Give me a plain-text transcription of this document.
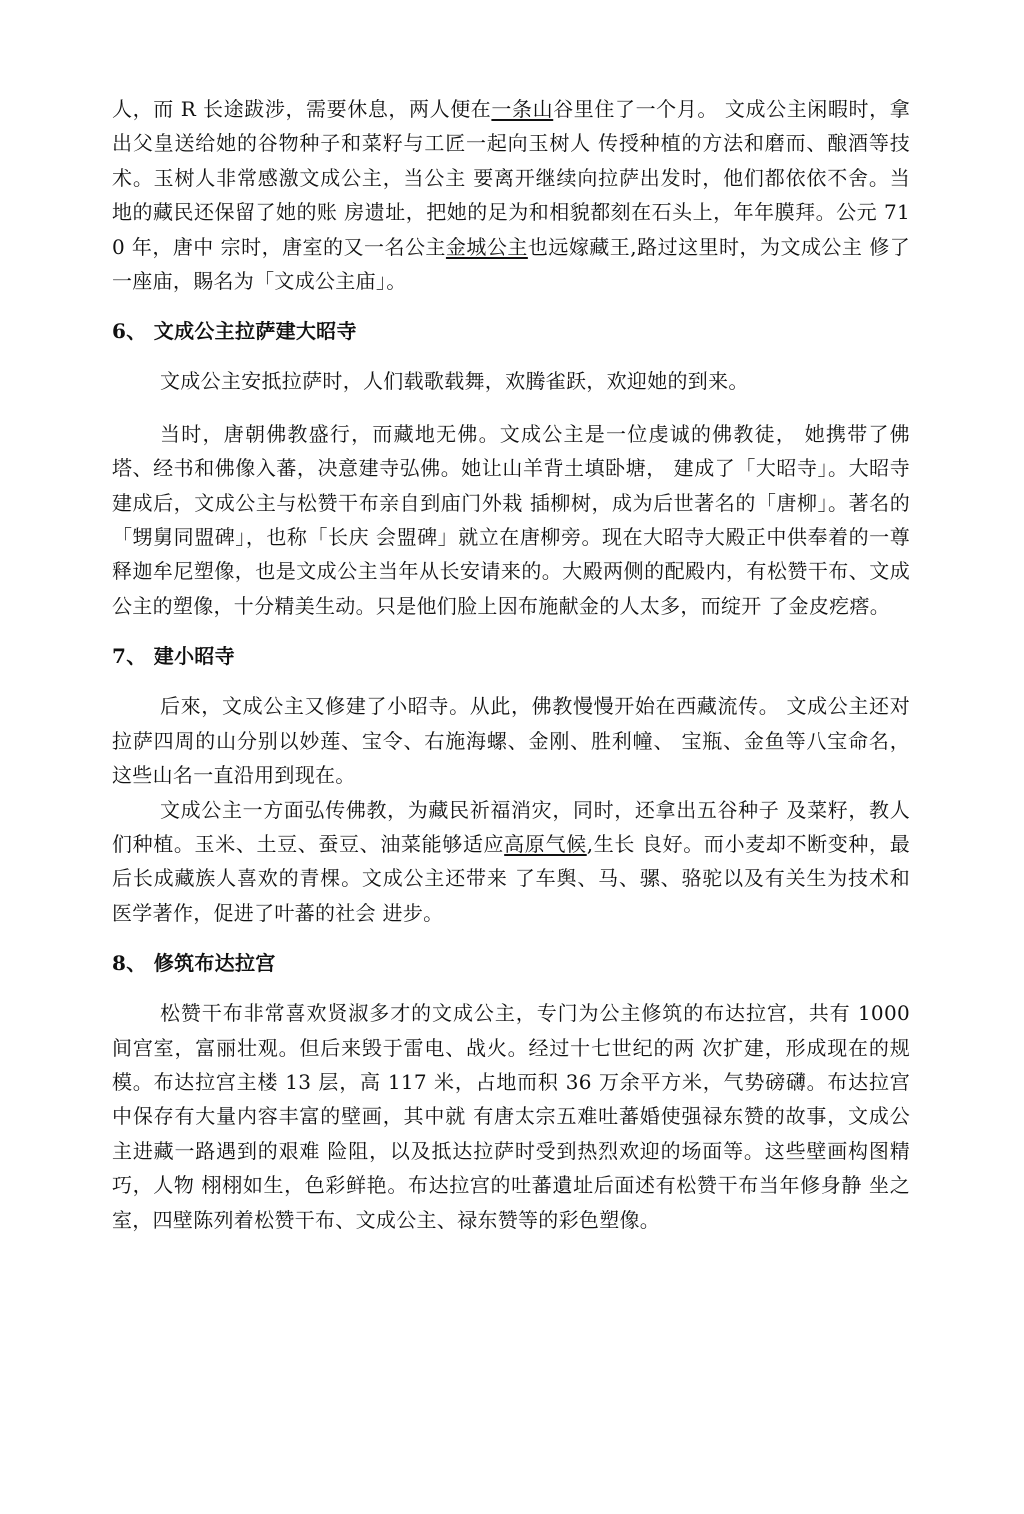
人，而 R 长途跋涉，需要休息，两人便在一条山谷里住了一个月。 文成公主闲暇时，拿出父皇送给她的谷物种子和菜籽与工匠一起向玉树人 传授种植的方法和磨而、酿酒等技术。玉树人非常感激文成公主，当公主 要离开继续向拉萨出发时，他们都依依不舍。当地的藏民还保留了她的账 房遗址，把她的足为和相貌都刻在石头上，年年膜拜。公元 710 年，唐中 宗时，唐室的又一名公主金城公主也远嫁藏王,路过这里时，为文成公主 修了一座庙，賜名为「文成公主庙」。

6、 文成公主拉萨建大昭寺

文成公主安抵拉萨时，人们载歌载舞，欢腾雀跃，欢迎她的到来。

当时，唐朝佛教盛行，而藏地无佛。文成公主是一位虔诚的佛教徒， 她携带了佛塔、经书和佛像入蕃，决意建寺弘佛。她让山羊背土填卧塘， 建成了「大昭寺」。大昭寺建成后，文成公主与松赞干布亲自到庙门外栽 插柳树，成为后世著名的「唐柳」。著名的「甥舅同盟碑」，也称「长庆 会盟碑」就立在唐柳旁。现在大昭寺大殿正中供奉着的一尊释迦牟尼塑像，也是文成公主当年从长安请来的。大殿两侧的配殿内，有松赞干布、文成 公主的塑像，十分精美生动。只是他们脸上因布施献金的人太多，而绽开 了金皮疙瘩。

7、 建小昭寺

后來，文成公主又修建了小昭寺。从此，佛教慢慢开始在西藏流传。 文成公主还对拉萨四周的山分别以妙莲、宝令、右施海螺、金刚、胜利幢、 宝瓶、金鱼等八宝命名，这些山名一直沿用到现在。

文成公主一方面弘传佛教，为藏民祈福消灾，同时，还拿出五谷种子 及菜籽，教人们种植。玉米、土豆、蚕豆、油菜能够适应高原气候,生长 良好。而小麦却不断变种，最后长成藏族人喜欢的青棵。文成公主还带来 了车舆、马、骡、骆驼以及有关生为技术和医学著作，促进了叶蕃的社会 进步。

8、 修筑布达拉宫

松赞干布非常喜欢贤淑多才的文成公主，专门为公主修筑的布达拉宫，共有 1000 间宫室，富丽壮观。但后来毁于雷电、战火。经过十七世纪的两 次扩建，形成现在的规模。布达拉宫主楼 13 层，高 117 米，占地而积 36 万余平方米，气势磅礴。布达拉宫中保存有大量内容丰富的壁画，其中就 有唐太宗五难吐蕃婚使强禄东赞的故事，文成公主进藏一路遇到的艰难 险阻，以及抵达拉萨时受到热烈欢迎的场面等。这些壁画构图精巧，人物 栩栩如生，色彩鲜艳。布达拉宫的吐蕃遺址后面述有松赞干布当年修身静 坐之室，四壁陈列着松赞干布、文成公主、禄东赞等的彩色塑像。
